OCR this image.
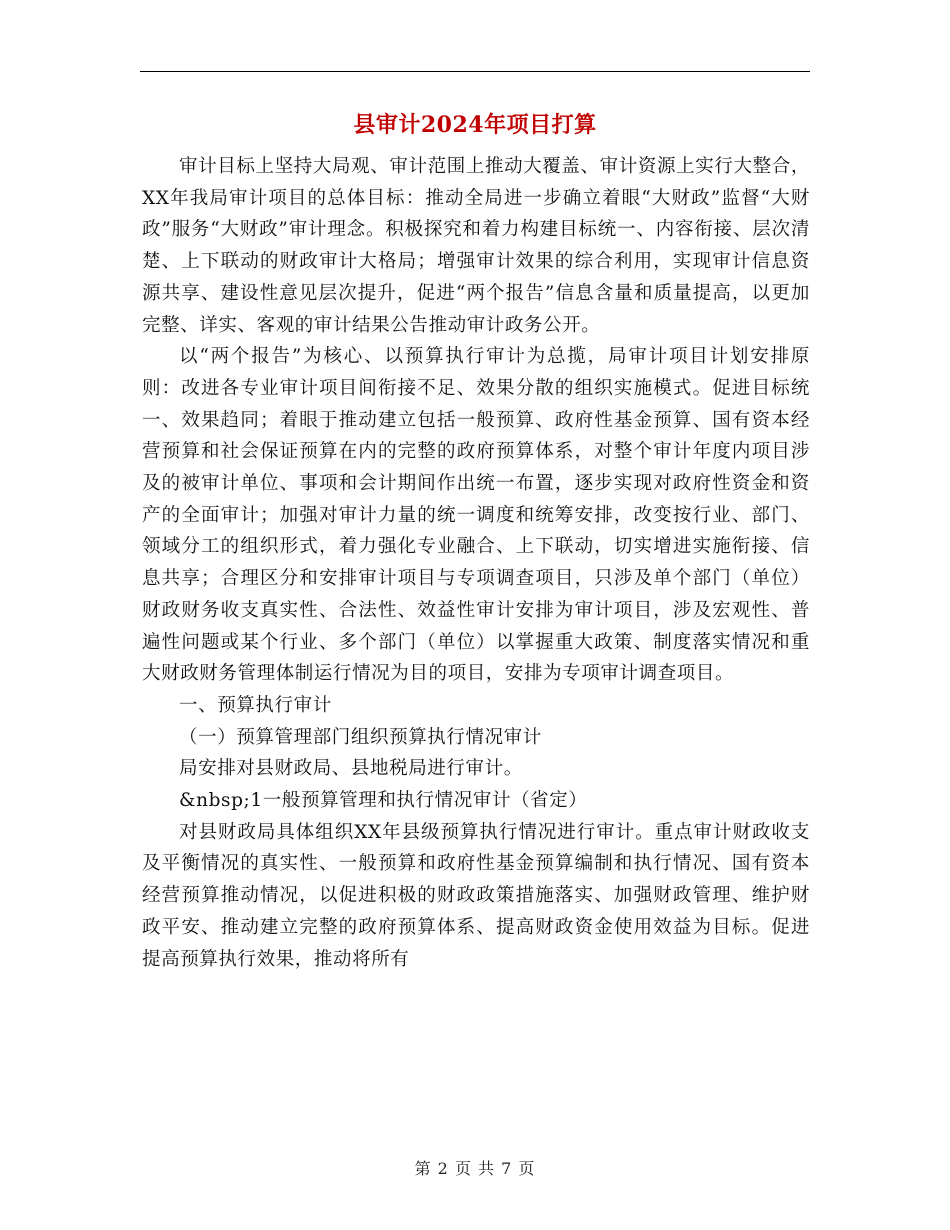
县审计2024年项目打算

审计目标上坚持大局观、审计范围上推动大覆盖、审计资源上实行大整合，XX年我局审计项目的总体目标：推动全局进一步确立着眼“大财政”监督“大财政”服务“大财政”审计理念。积极探究和着力构建目标统一、内容衔接、层次清楚、上下联动的财政审计大格局；增强审计效果的综合利用，实现审计信息资源共享、建设性意见层次提升，促进“两个报告”信息含量和质量提高，以更加完整、详实、客观的审计结果公告推动审计政务公开。

以“两个报告”为核心、以预算执行审计为总揽，局审计项目计划安排原则：改进各专业审计项目间衔接不足、效果分散的组织实施模式。促进目标统一、效果趋同；着眼于推动建立包括一般预算、政府性基金预算、国有资本经营预算和社会保证预算在内的完整的政府预算体系，对整个审计年度内项目涉及的被审计单位、事项和会计期间作出统一布置，逐步实现对政府性资金和资产的全面审计；加强对审计力量的统一调度和统筹安排，改变按行业、部门、领域分工的组织形式，着力强化专业融合、上下联动，切实增进实施衔接、信息共享；合理区分和安排审计项目与专项调查项目，只涉及单个部门（单位）财政财务收支真实性、合法性、效益性审计安排为审计项目，涉及宏观性、普遍性问题或某个行业、多个部门（单位）以掌握重大政策、制度落实情况和重大财政财务管理体制运行情况为目的项目，安排为专项审计调查项目。

一、预算执行审计

（一）预算管理部门组织预算执行情况审计

局安排对县财政局、县地税局进行审计。

&nbsp;1一般预算管理和执行情况审计（省定）

对县财政局具体组织XX年县级预算执行情况进行审计。重点审计财政收支及平衡情况的真实性、一般预算和政府性基金预算编制和执行情况、国有资本经营预算推动情况，以促进积极的财政政策措施落实、加强财政管理、维护财政平安、推动建立完整的政府预算体系、提高财政资金使用效益为目标。促进提高预算执行效果，推动将所有

第 2 页 共 7 页
